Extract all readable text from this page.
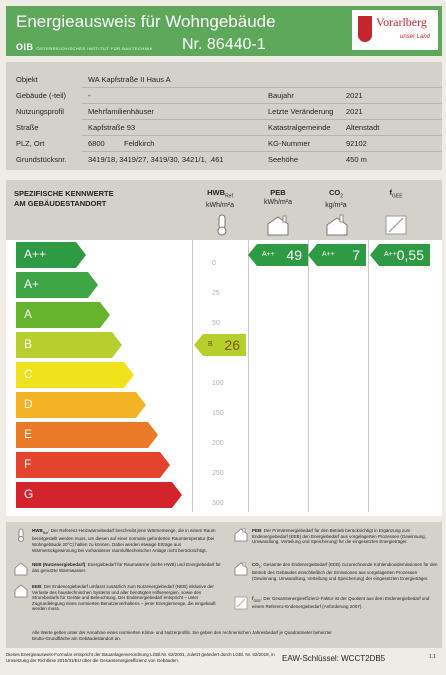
Energieausweis für Wohngebäude
Nr. 86440-1
OIB ÖSTERREICHISCHES INSTITUT FÜR BAUTECHNIK
Vorarlberg
unser Land
Objekt	WA Kapfstraße II Haus A
Gebäude (-teil)	-	Baujahr	2021
Nutzungsprofil	Mehrfamilienhäuser	Letzte Veränderung 2021
Straße	Kapfstraße 93	Katastralgemeinde Altenstadt
PLZ, Ort	6800	Feldkirch	KG-Nummer	92102
Grundstücksnr.	3419/18, 3419/27, 3419/30, 3421/1, .461	Seehöhe	450 m
SPEZIFISCHE KENNWERTE
AM GEBÄUDESTANDORT
$HWB_{Ref}$
kWh/m²a
PEB
kWh/m²a
$CO_2$
kg/m²a
$f_{GEE}$
A++
A+
A
B
C
D
E
F
G
0
25
50
100
150
200
250
300
B 26
A++ 49	A++ 7	A++ 0,55
$HWB_{Ref}$: Der Referenz-Heizwärmebedarf beschreibt jene Wärmemenge, die in einem Raum bereitgestellt werden muss, um diesen auf einer normativ geforderten Raumtemperatur (bei Wohngebäude 20°C) halten zu können. Dabei werden etwaige Erträge aus Wärmerückgewinnung bei vorhandener raumlufttechnischer Anlage nicht berücksichtigt.
NEB (Nutzenergiebedarf): Energiebedarf für Raumwärme (siehe HWB) und Energiebedarf für das genutzte Warmwasser.
EEB: Der Endenergiebedarf umfasst zusätzlich zum Nutzenergiebedarf (NEB) inklusive der Verluste des haustechnischen Systems und aller benötigten Hilfsenergien, sowie des Strombedarfs für Geräte und Beleuchtung. Der Endenergiebedarf entspricht – unter Zugrundelegung eines normierten Benutzerverhaltens – jener Energiemenge, die eingekauft werden muss.
PEB: Der Primärenergiebedarf für den Betrieb berücksichtigt in Ergänzung zum Endenergiebedarf (EEB) den Energiebedarf aus vorgelagerten Prozessen (Gewinnung, Umwandlung, Verteilung und Speicherung) für die eingesetzten Energieträger.
$CO_2$: Gesamte den Endenergiebedarf (EEB) zuzurechnende Kohlendioxidemissionen für den Betrieb des Gebäudes einschließlich der Emissionen aus vorgelagerten Prozessen (Gewinnung, Umwandlung, Verteilung und Speicherung) der eingesetzten Energieträger.
$f_{GEE}$: Der Gesamtenergieeffizienz-Faktor ist der Quotient aus dem Endenergiebedarf und einem Referenz-Endenergiebedarf (Anforderung 2007).
Alle Werte gelten unter der Annahme eines normierten Klima- und Nutzerprofils. Sie geben den rechnerischen Jahresbedarf je Quadratmeter beheizter Brutto-Grundfläche am Gebäudestandort an.
Dieses Energieausweis-Formular entspricht der Bauanlagenverordnung LGBl.Nr. 62/2001, zuletzt geändert durch LGBl. Nr. 92/2018, in Umsetzung der Richtlinie 2010/31/EU über die Gesamtenergieeffizienz von Gebäuden.	EAW-Schlüssel: WCCT2DB5	1.1
